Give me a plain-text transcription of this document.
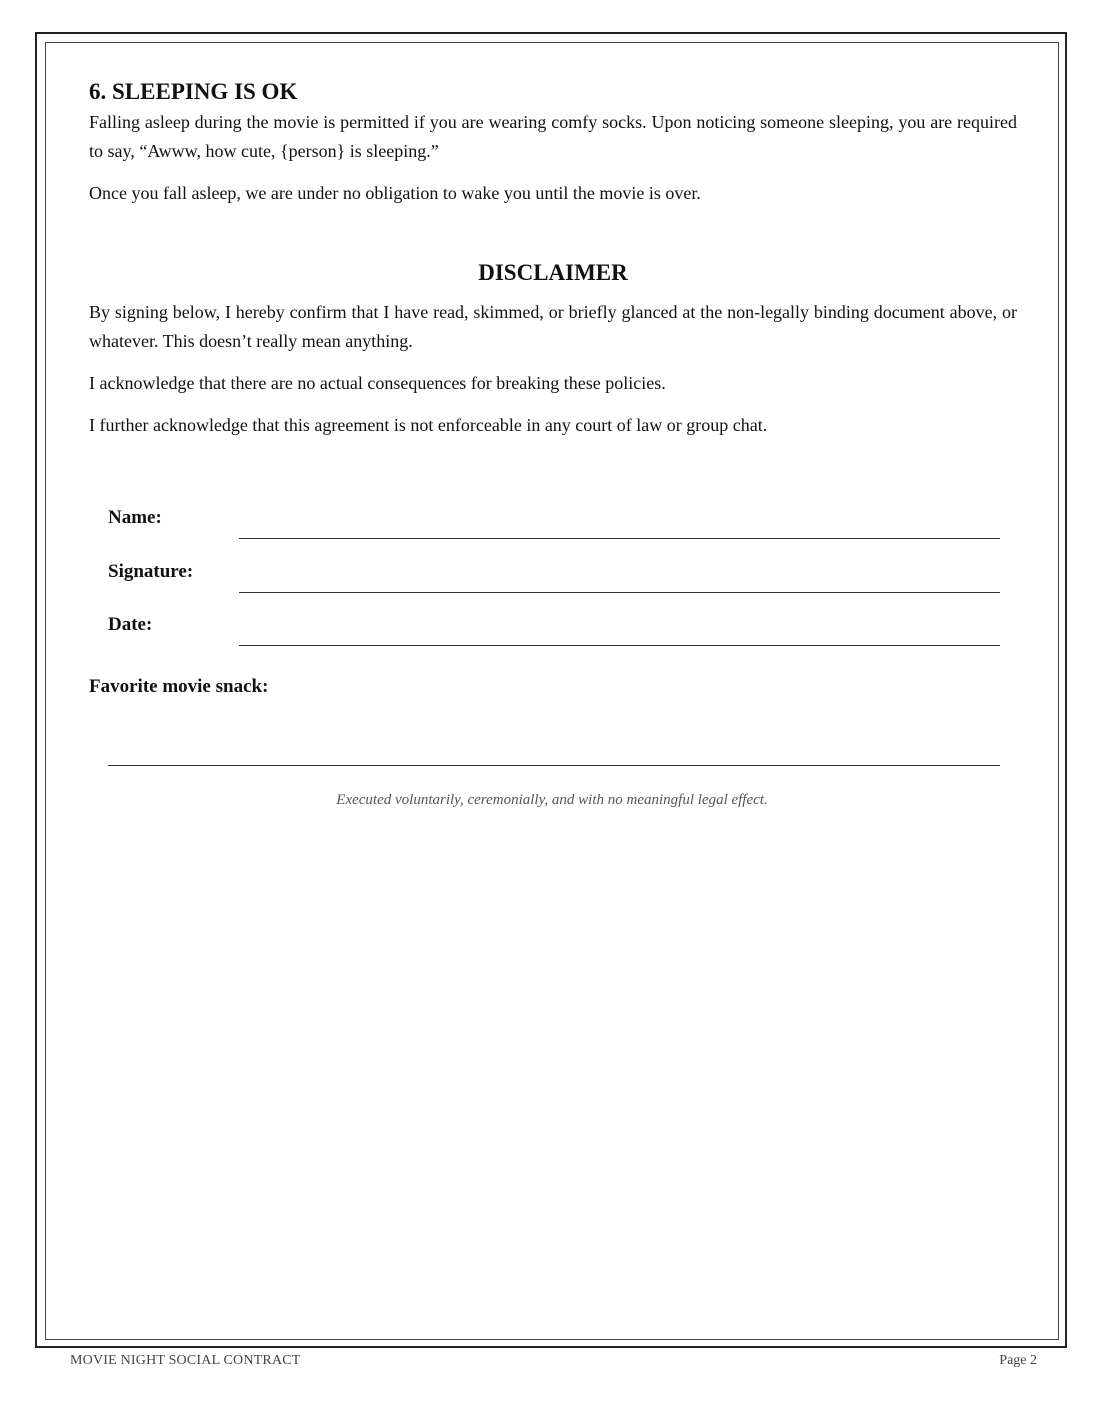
6. SLEEPING IS OK

Falling asleep during the movie is permitted if you are wearing comfy socks. Upon noticing someone sleeping, you are required to say, “Awww, how cute, {person} is sleeping.”

Once you fall asleep, we are under no obligation to wake you until the movie is over.

DISCLAIMER

By signing below, I hereby confirm that I have read, skimmed, or briefly glanced at the non-legally binding document above, or whatever. This doesn’t really mean anything.

I acknowledge that there are no actual consequences for breaking these policies.

I further acknowledge that this agreement is not enforceable in any court of law or group chat.

Name:
Signature:
Date:
Favorite movie snack:
Executed voluntarily, ceremonially, and with no meaningful legal effect.
MOVIE NIGHT SOCIAL CONTRACT	Page 2
